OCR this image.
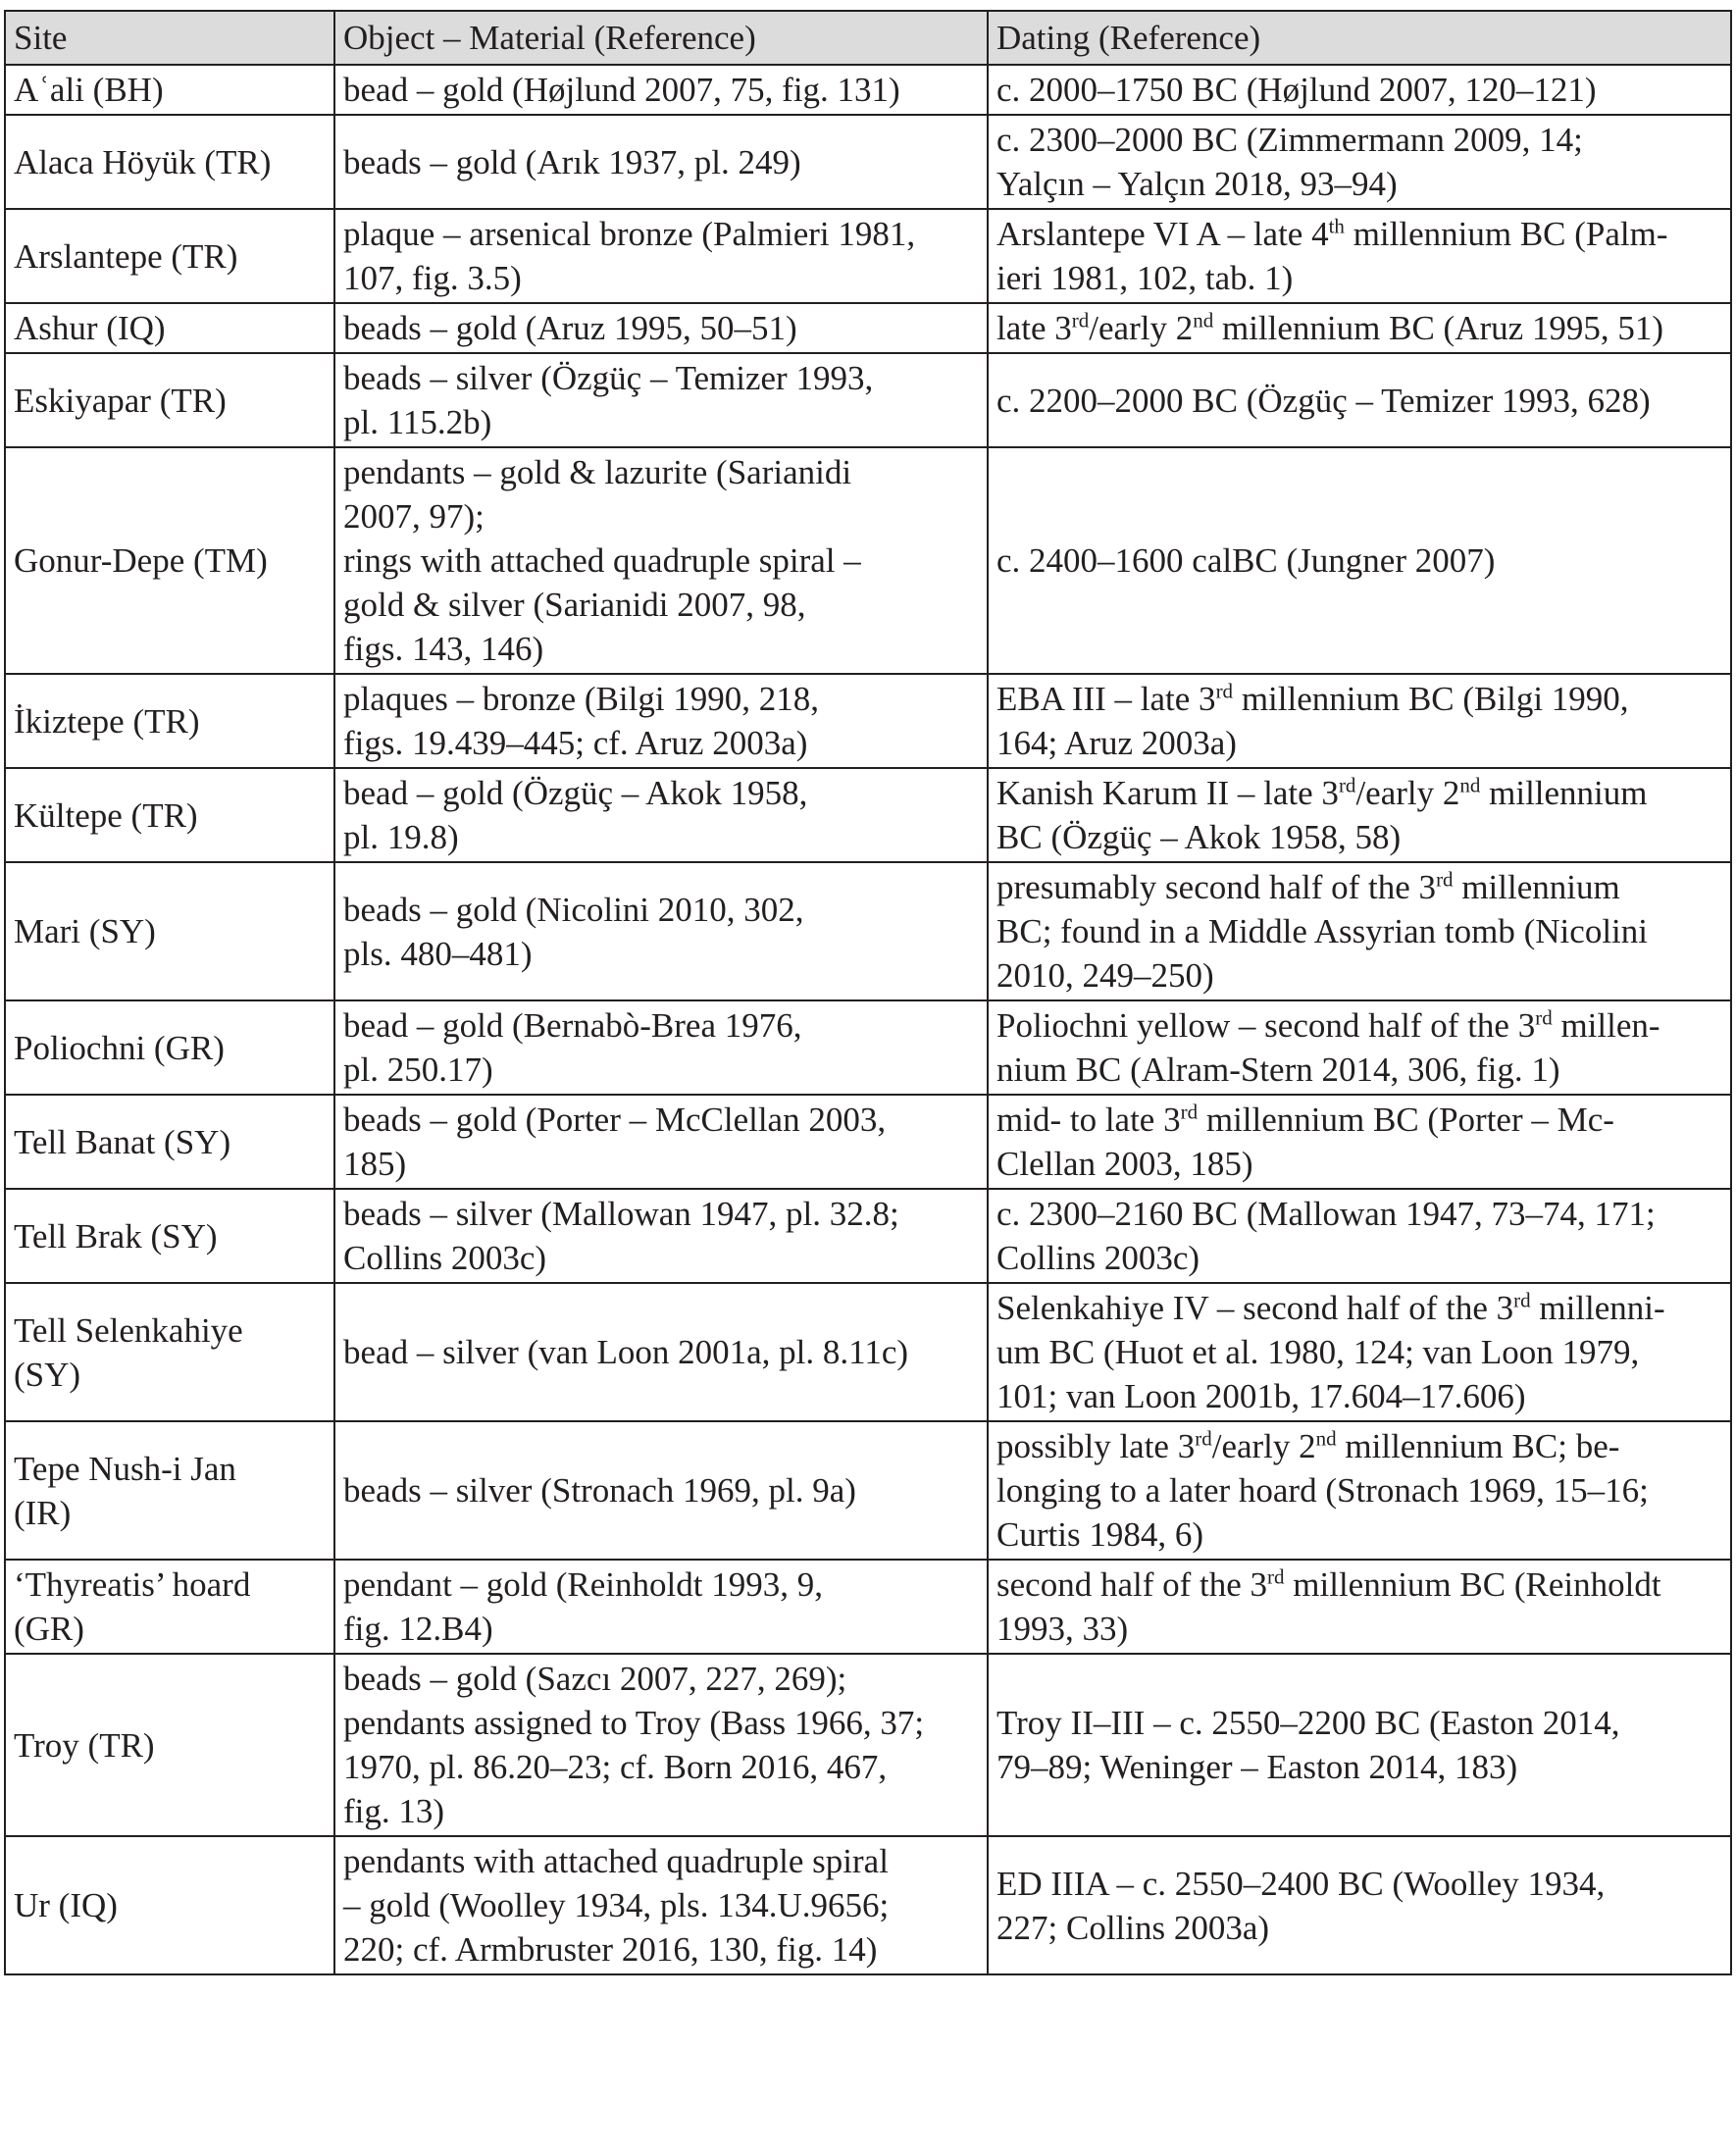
Site	Object – Material (Reference)	Dating (Reference)

Aʿali (BH)	bead – gold (Højlund 2007, 75, fig. 131)	c. 2000–1750 BC (Højlund 2007, 120–121)

Alaca Höyük (TR)	beads – gold (Arık 1937, pl. 249)	c. 2300–2000 BC (Zimmermann 2009, 14;
Yalçın – Yalçın 2018, 93–94)

Arslantepe (TR)	plaque – arsenical bronze (Palmieri 1981,
107, fig. 3.5)	Arslantepe VI A – late 4th millennium BC (Palm-
ieri 1981, 102, tab. 1)

Ashur (IQ)	beads – gold (Aruz 1995, 50–51)	late 3rd/early 2nd millennium BC (Aruz 1995, 51)

Eskiyapar (TR)	beads – silver (Özgüç – Temizer 1993,
pl. 115.2b)	c. 2200–2000 BC (Özgüç – Temizer 1993, 628)

Gonur-Depe (TM)	pendants – gold & lazurite (Sarianidi
2007, 97);
rings with attached quadruple spiral –
gold & silver (Sarianidi 2007, 98,
figs. 143, 146)	c. 2400–1600 calBC (Jungner 2007)

İkiztepe (TR)	plaques – bronze (Bilgi 1990, 218,
figs. 19.439–445; cf. Aruz 2003a)	EBA III – late 3rd millennium BC (Bilgi 1990,
164; Aruz 2003a)

Kültepe (TR)	bead – gold (Özgüç – Akok 1958,
pl. 19.8)	Kanish Karum II – late 3rd/early 2nd millennium
BC (Özgüç – Akok 1958, 58)

Mari (SY)	beads – gold (Nicolini 2010, 302,
pls. 480–481)	presumably second half of the 3rd millennium
BC; found in a Middle Assyrian tomb (Nicolini
2010, 249–250)

Poliochni (GR)	bead – gold (Bernabò-Brea 1976,
pl. 250.17)	Poliochni yellow – second half of the 3rd millen-
nium BC (Alram-Stern 2014, 306, fig. 1)

Tell Banat (SY)	beads – gold (Porter – McClellan 2003,
185)	mid- to late 3rd millennium BC (Porter – Mc-
Clellan 2003, 185)

Tell Brak (SY)	beads – silver (Mallowan 1947, pl. 32.8;
Collins 2003c)	c. 2300–2160 BC (Mallowan 1947, 73–74, 171;
Collins 2003c)

Tell Selenkahiye
(SY)	bead – silver (van Loon 2001a, pl. 8.11c)	Selenkahiye IV – second half of the 3rd millenni-
um BC (Huot et al. 1980, 124; van Loon 1979,
101; van Loon 2001b, 17.604–17.606)

Tepe Nush-i Jan
(IR)	beads – silver (Stronach 1969, pl. 9a)	possibly late 3rd/early 2nd millennium BC; be-
longing to a later hoard (Stronach 1969, 15–16;
Curtis 1984, 6)

‘Thyreatis’ hoard
(GR)	pendant – gold (Reinholdt 1993, 9,
fig. 12.B4)	second half of the 3rd millennium BC (Reinholdt
1993, 33)

Troy (TR)	beads – gold (Sazcı 2007, 227, 269);
pendants assigned to Troy (Bass 1966, 37;
1970, pl. 86.20–23; cf. Born 2016, 467,
fig. 13)	Troy II–III – c. 2550–2200 BC (Easton 2014,
79–89; Weninger – Easton 2014, 183)

Ur (IQ)	pendants with attached quadruple spiral
– gold (Woolley 1934, pls. 134.U.9656;
220; cf. Armbruster 2016, 130, fig. 14)	ED IIIA – c. 2550–2400 BC (Woolley 1934,
227; Collins 2003a)
